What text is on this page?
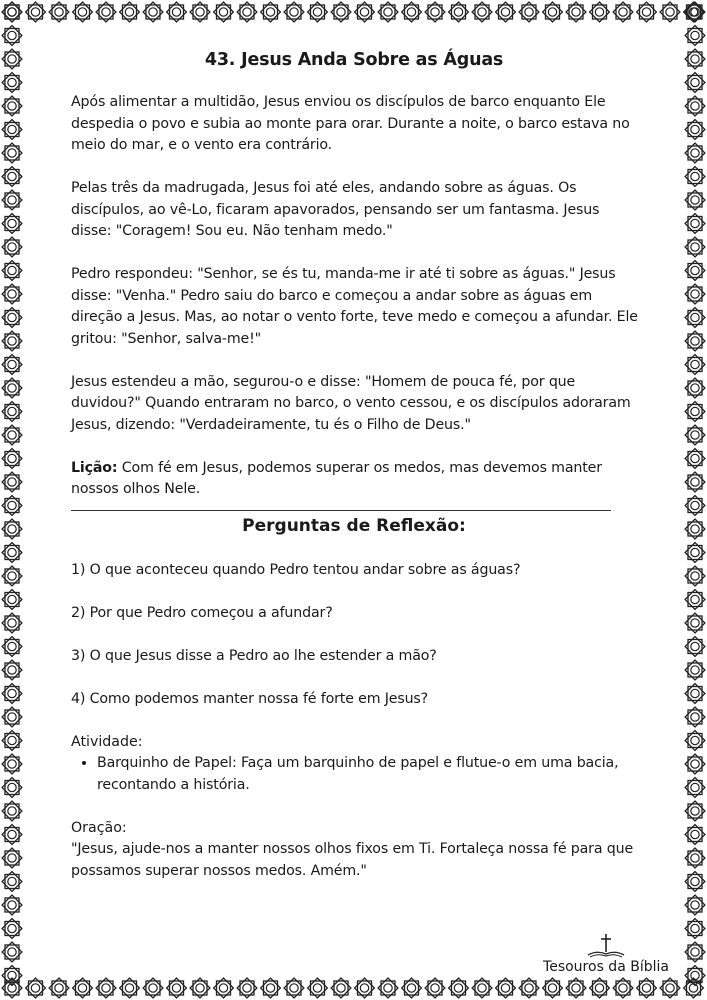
43. Jesus Anda Sobre as Águas

Após alimentar a multidão, Jesus enviou os discípulos de barco enquanto Ele despedia o povo e subia ao monte para orar. Durante a noite, o barco estava no meio do mar, e o vento era contrário.

Pelas três da madrugada, Jesus foi até eles, andando sobre as águas. Os discípulos, ao vê-Lo, ficaram apavorados, pensando ser um fantasma. Jesus disse: "Coragem! Sou eu. Não tenham medo."

Pedro respondeu: "Senhor, se és tu, manda-me ir até ti sobre as águas." Jesus disse: "Venha." Pedro saiu do barco e começou a andar sobre as águas em direção a Jesus. Mas, ao notar o vento forte, teve medo e começou a afundar. Ele gritou: "Senhor, salva-me!"

Jesus estendeu a mão, segurou-o e disse: "Homem de pouca fé, por que duvidou?" Quando entraram no barco, o vento cessou, e os discípulos adoraram Jesus, dizendo: "Verdadeiramente, tu és o Filho de Deus."

Lição: Com fé em Jesus, podemos superar os medos, mas devemos manter nossos olhos Nele.

Perguntas de Reflexão:

1) O que aconteceu quando Pedro tentou andar sobre as águas?

2) Por que Pedro começou a afundar?

3) O que Jesus disse a Pedro ao lhe estender a mão?

4) Como podemos manter nossa fé forte em Jesus?

Atividade:

• Barquinho de Papel: Faça um barquinho de papel e flutue-o em uma bacia, recontando a história.

Oração:

"Jesus, ajude-nos a manter nossos olhos fixos em Ti. Fortaleça nossa fé para que possamos superar nossos medos. Amém."

Tesouros da Bíblia
